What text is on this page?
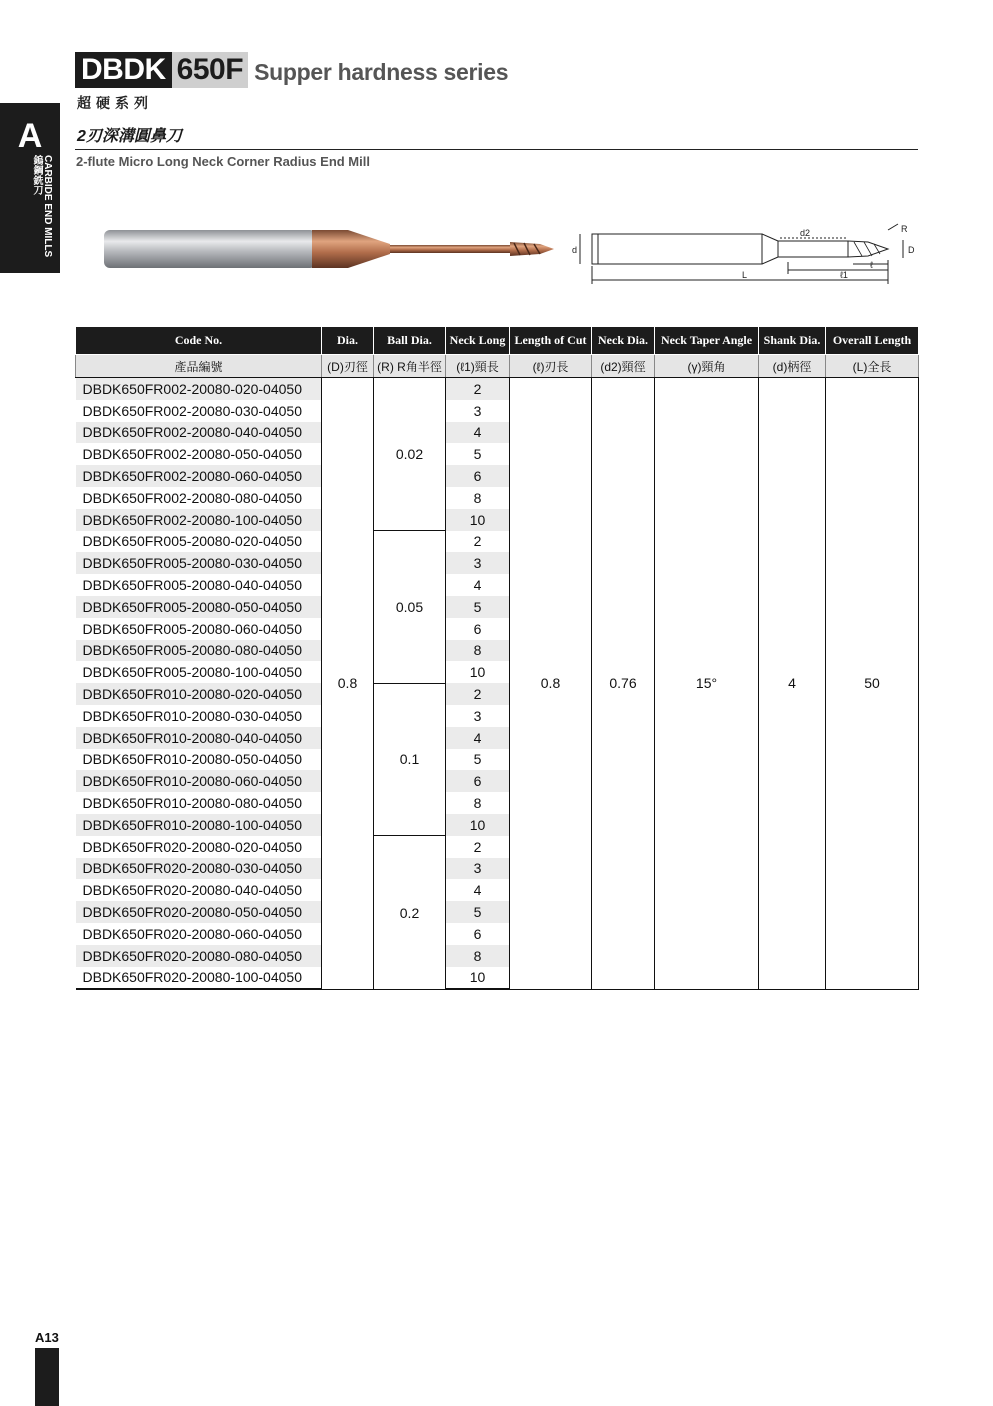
DBDK 650F Supper hardness series
超硬系列
A
CARBIDE END MILLS
鎢鋼銑刀
2刃深溝圓鼻刀
2-flute Micro Long Neck Corner Radius End Mill
d
d2	R
D
L	ℓ1
ℓ
Code No.	Dia.	Ball Dia.	Neck Long	Length of Cut	Neck Dia.	Neck Taper Angle	Shank Dia.	Overall Length
產品編號	(D)刃徑	(R) R角半徑	(ℓ1)頸長	(ℓ)刃長	(d2)頸徑	(γ)頸角	(d)柄徑	(L)全長
DBDK650FR002-20080-020-04050	0.8	0.02	2	0.8	0.76	15°	4	50
DBDK650FR002-20080-030-04050			3					
DBDK650FR002-20080-040-04050			4					
DBDK650FR002-20080-050-04050			5					
DBDK650FR002-20080-060-04050			6					
DBDK650FR002-20080-080-04050			8					
DBDK650FR002-20080-100-04050			10					
DBDK650FR005-20080-020-04050		0.05	2					
DBDK650FR005-20080-030-04050			3					
DBDK650FR005-20080-040-04050			4					
DBDK650FR005-20080-050-04050			5					
DBDK650FR005-20080-060-04050			6					
DBDK650FR005-20080-080-04050			8					
DBDK650FR005-20080-100-04050			10					
DBDK650FR010-20080-020-04050		0.1	2					
DBDK650FR010-20080-030-04050			3					
DBDK650FR010-20080-040-04050			4					
DBDK650FR010-20080-050-04050			5					
DBDK650FR010-20080-060-04050			6					
DBDK650FR010-20080-080-04050			8					
DBDK650FR010-20080-100-04050			10					
DBDK650FR020-20080-020-04050		0.2	2					
DBDK650FR020-20080-030-04050			3					
DBDK650FR020-20080-040-04050			4					
DBDK650FR020-20080-050-04050			5					
DBDK650FR020-20080-060-04050			6					
DBDK650FR020-20080-080-04050			8					
DBDK650FR020-20080-100-04050			10					
A13
